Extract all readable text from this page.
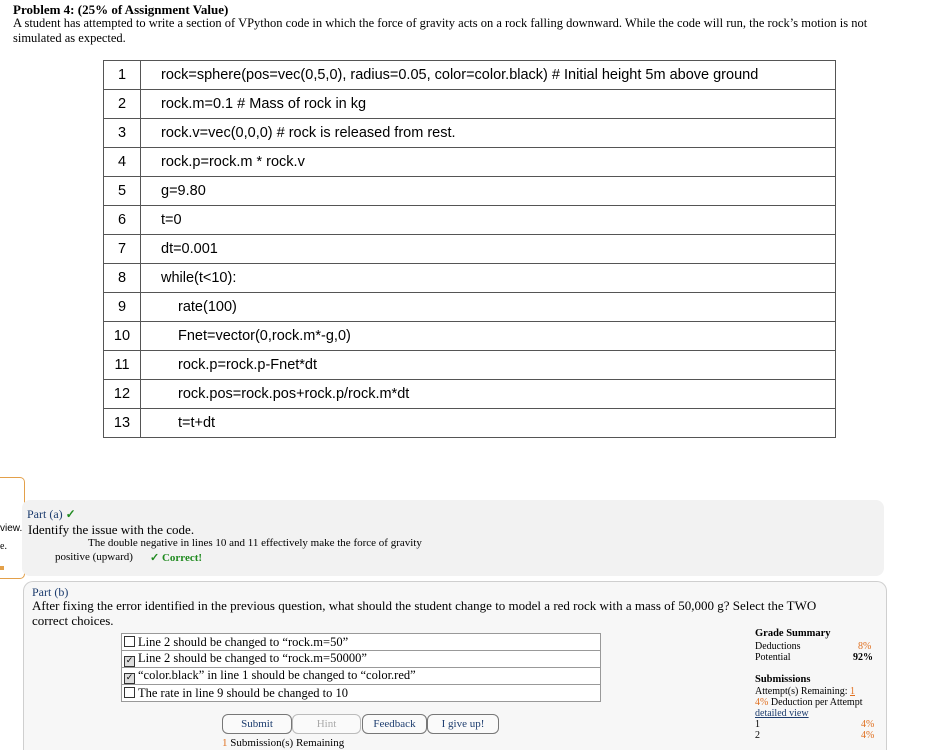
Problem 4: (25% of Assignment Value)
A student has attempted to write a section of VPython code in which the force of gravity acts on a rock falling downward. While the code will run, the rock’s motion is not simulated as expected.
1	rock=sphere(pos=vec(0,5,0), radius=0.05, color=color.black) # Initial height 5m above ground
2	rock.m=0.1 # Mass of rock in kg
3	rock.v=vec(0,0,0) # rock is released from rest.
4	rock.p=rock.m * rock.v
5	g=9.80
6	t=0
7	dt=0.001
8	while(t<10):
9	rate(100)
10	Fnet=vector(0,rock.m*-g,0)
11	rock.p=rock.p-Fnet*dt
12	rock.pos=rock.pos+rock.p/rock.m*dt
13	t=t+dt
view.
e.
Part (a) ✓
Identify the issue with the code.
The double negative in lines 10 and 11 effectively make the force of gravity
positive (upward) ✓ Correct!
Part (b)
After fixing the error identified in the previous question, what should the student change to model a red rock with a mass of 50,000 g? Select the TWO correct choices.
Line 2 should be changed to “rock.m=50”
✓ Line 2 should be changed to “rock.m=50000”
✓ “color.black” in line 1 should be changed to “color.red”
The rate in line 9 should be changed to 10
Submit	Hint	Feedback	I give up!
1 Submission(s) Remaining
Grade Summary
Deductions	8%
Potential	92%
Submissions
Attempt(s) Remaining: 1
4% Deduction per Attempt
detailed view
1	4%
2	4%
